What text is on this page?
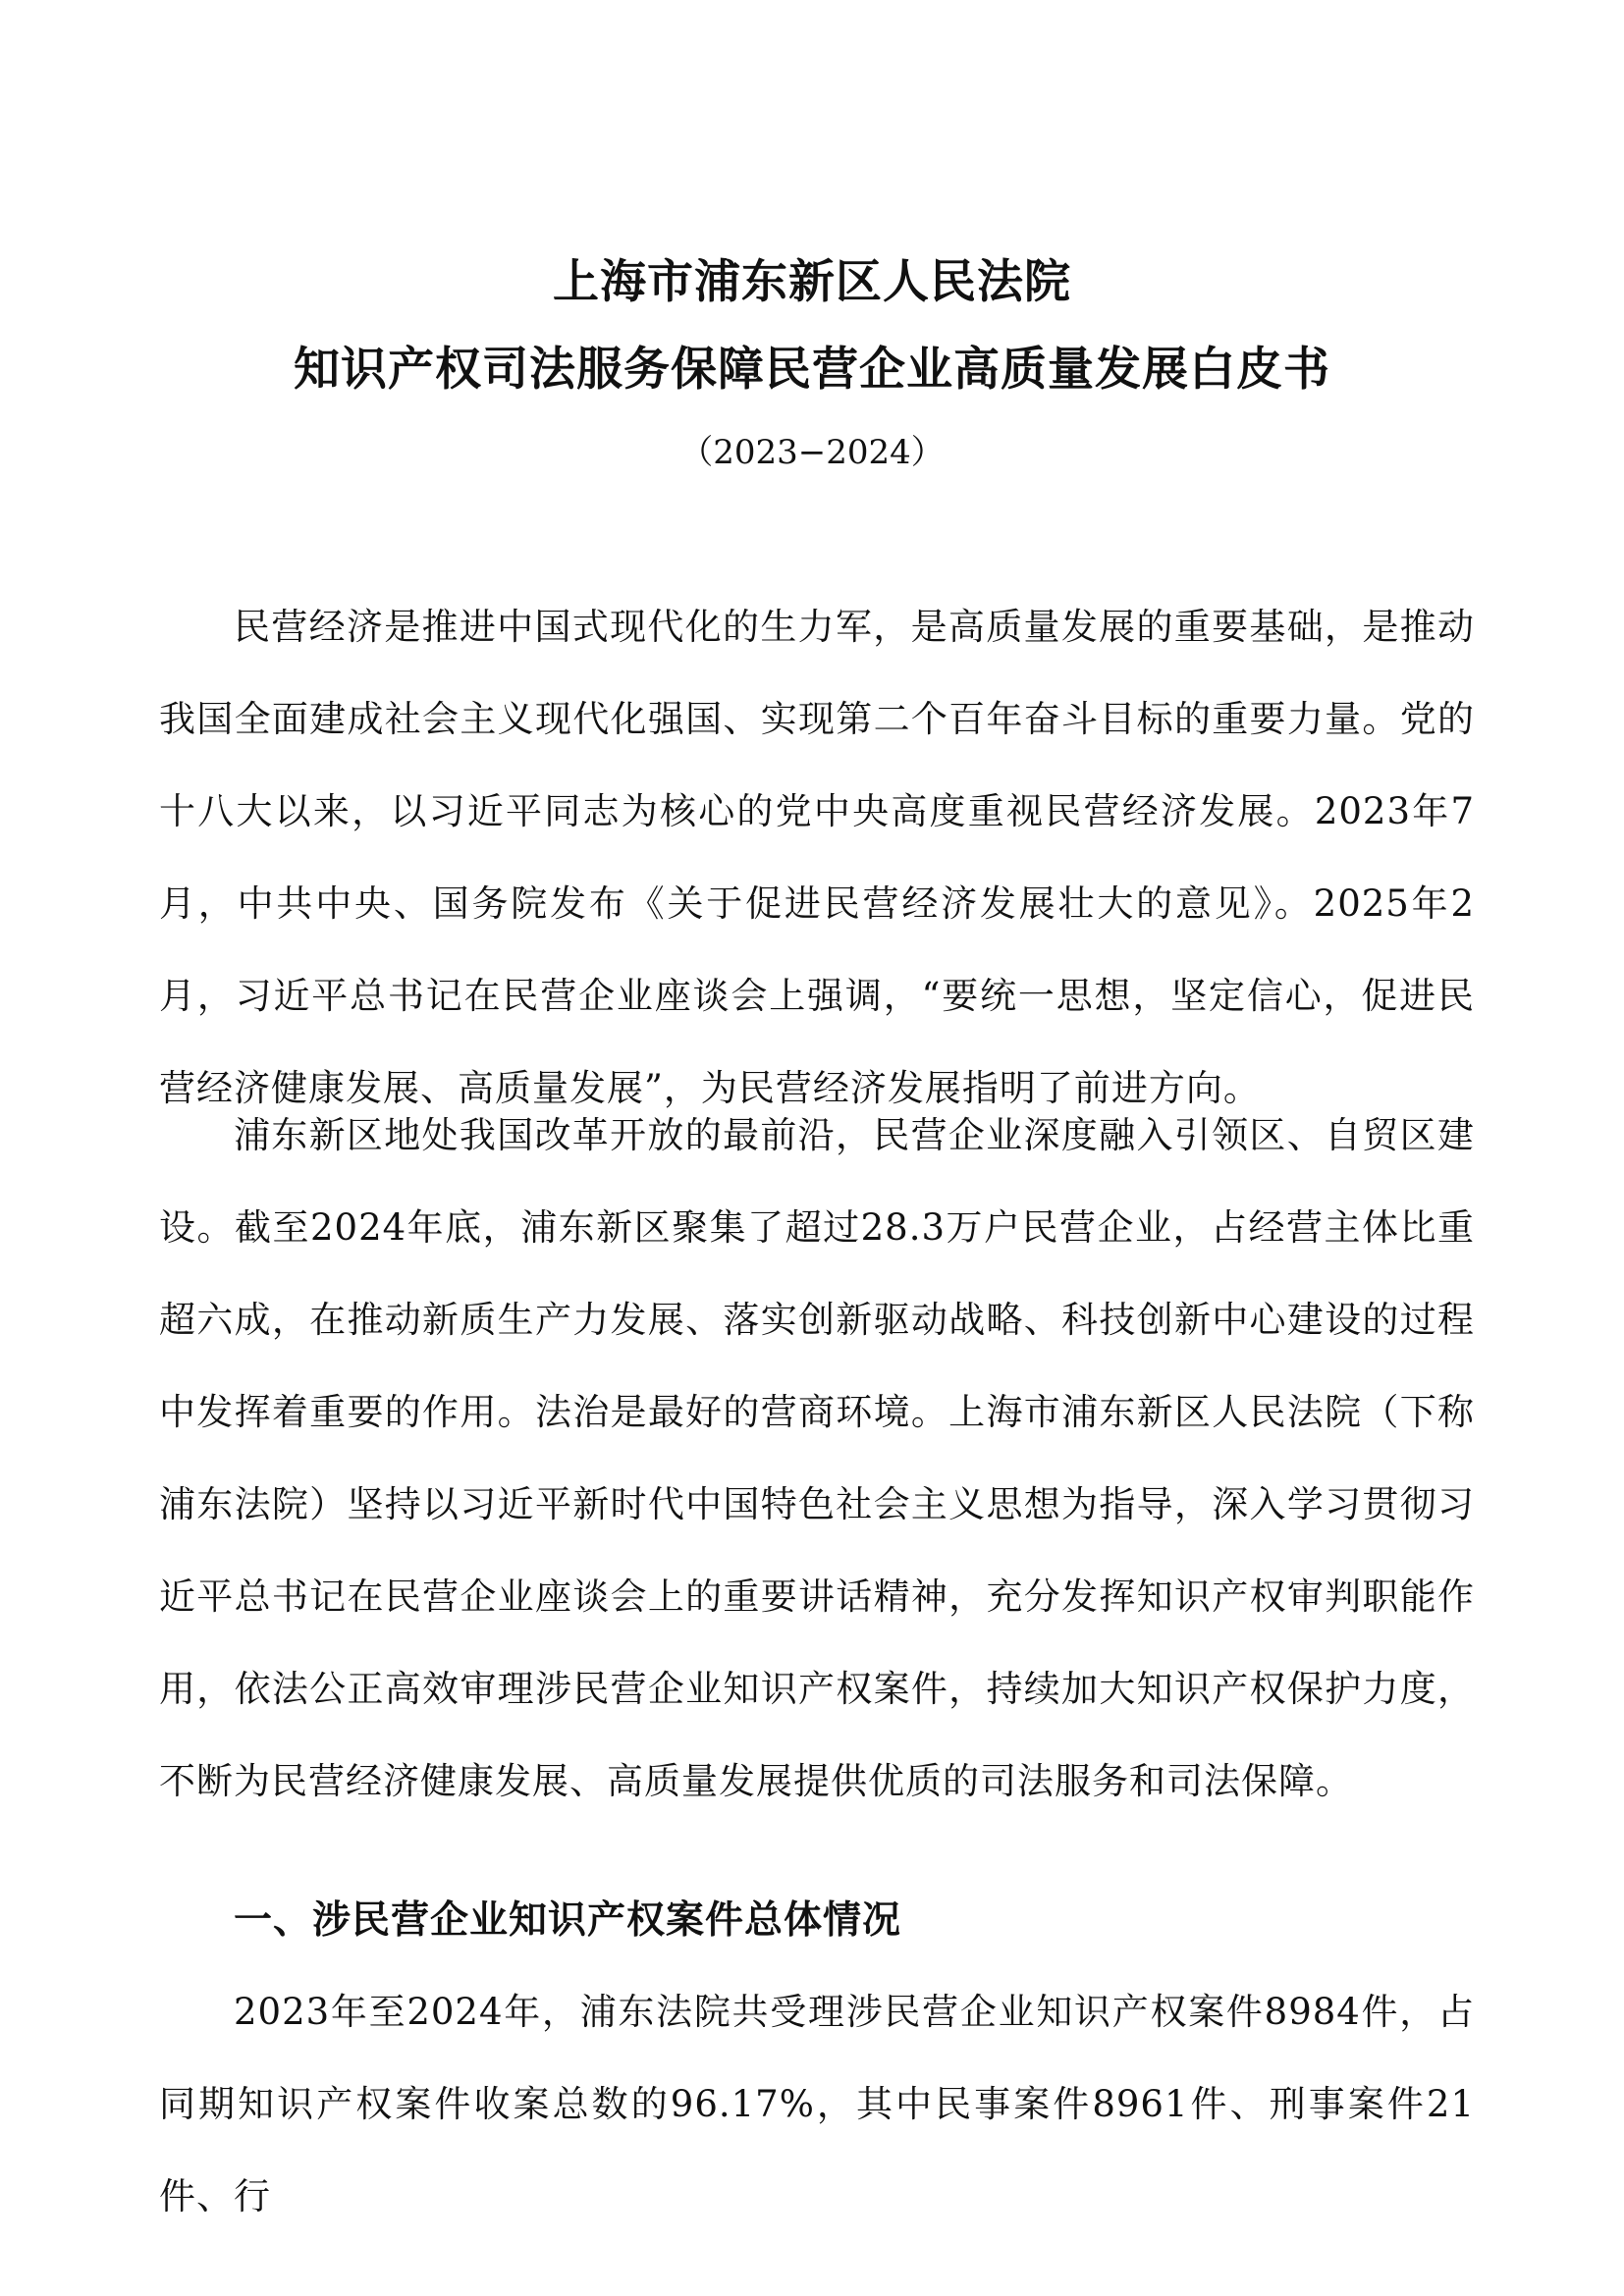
上海市浦东新区人民法院
知识产权司法服务保障民营企业高质量发展白皮书

（2023−2024）

民营经济是推进中国式现代化的生力军，是高质量发展的重要基础，是推动我国全面建成社会主义现代化强国、实现第二个百年奋斗目标的重要力量。党的十八大以来，以习近平同志为核心的党中央高度重视民营经济发展。2023年7月，中共中央、国务院发布《关于促进民营经济发展壮大的意见》。2025年2月，习近平总书记在民营企业座谈会上强调，“要统一思想，坚定信心，促进民营经济健康发展、高质量发展”，为民营经济发展指明了前进方向。

浦东新区地处我国改革开放的最前沿，民营企业深度融入引领区、自贸区建设。截至2024年底，浦东新区聚集了超过28.3万户民营企业，占经营主体比重超六成，在推动新质生产力发展、落实创新驱动战略、科技创新中心建设的过程中发挥着重要的作用。法治是最好的营商环境。上海市浦东新区人民法院（下称浦东法院）坚持以习近平新时代中国特色社会主义思想为指导，深入学习贯彻习近平总书记在民营企业座谈会上的重要讲话精神，充分发挥知识产权审判职能作用，依法公正高效审理涉民营企业知识产权案件，持续加大知识产权保护力度，不断为民营经济健康发展、高质量发展提供优质的司法服务和司法保障。

一、涉民营企业知识产权案件总体情况

2023年至2024年，浦东法院共受理涉民营企业知识产权案件8984件，占同期知识产权案件收案总数的96.17%，其中民事案件8961件、刑事案件21件、行
